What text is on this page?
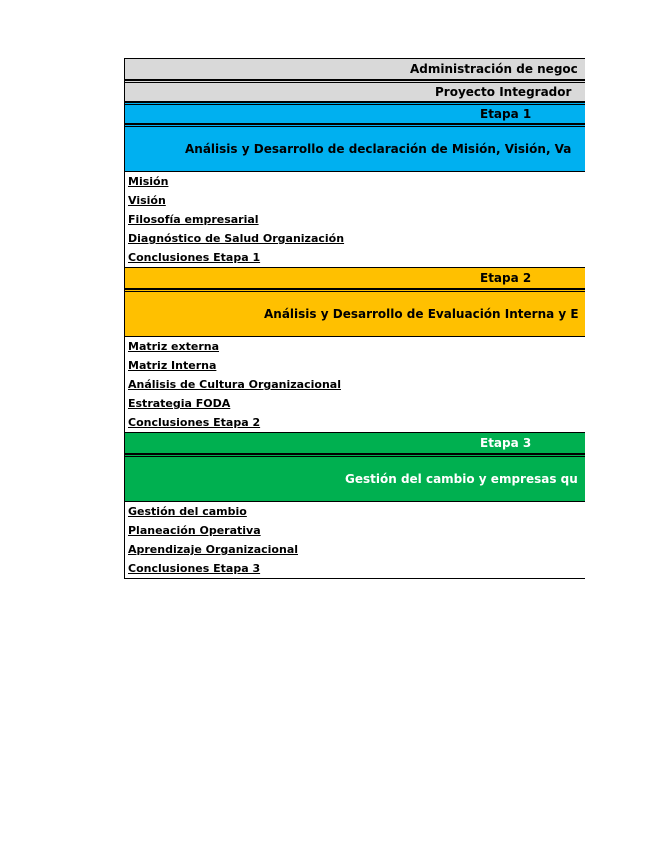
Administración de negoc
Proyecto Integrador
Etapa 1
Análisis y Desarrollo de declaración de Misión, Visión, Va
Misión
Visión
Filosofía empresarial
Diagnóstico de Salud Organización
Conclusiones Etapa 1
Etapa 2
Análisis y Desarrollo de Evaluación Interna y E
Matriz externa
Matriz Interna
Análisis de Cultura Organizacional
Estrategia FODA
Conclusiones Etapa 2
Etapa 3
Gestión del cambio y empresas qu
Gestión del cambio
Planeación Operativa
Aprendizaje Organizacional
Conclusiones Etapa 3
